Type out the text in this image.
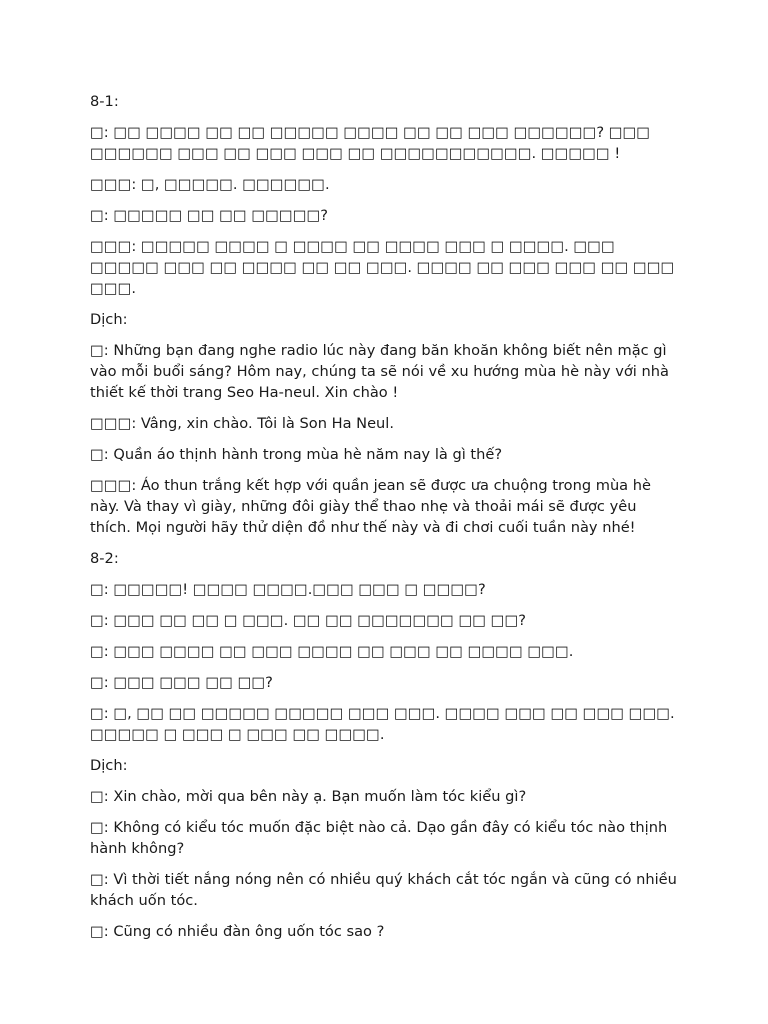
8-1:

□: □□ □□□□ □□ □□ □□□□□ □□□□ □□ □□ □□□ □□□□□□? □□□ □□□□□□ □□□ □□ □□□ □□□ □□ □□□□□□□□□□□. □□□□□ !

□□□: □, □□□□□. □□□□□□.

□: □□□□□ □□ □□ □□□□□?

□□□: □□□□□ □□□□ □ □□□□ □□ □□□□ □□□ □ □□□□. □□□ □□□□□ □□□ □□ □□□□ □□ □□ □□□. □□□□ □□ □□□ □□□ □□ □□□ □□□.

Dịch:

□: Những bạn đang nghe radio lúc này đang băn khoăn không biết nên mặc gì vào mỗi buổi sáng? Hôm nay, chúng ta sẽ nói về xu hướng mùa hè này với nhà thiết kế thời trang Seo Ha-neul. Xin chào !

□□□: Vâng, xin chào. Tôi là Son Ha Neul.

□: Quần áo thịnh hành trong mùa hè năm nay là gì thế?

□□□: Áo thun trắng kết hợp với quần jean sẽ được ưa chuộng trong mùa hè này. Và thay vì giày, những đôi giày thể thao nhẹ và thoải mái sẽ được yêu thích. Mọi người hãy thử diện đồ như thế này và đi chơi cuối tuần này nhé!

8-2:

□: □□□□□! □□□□ □□□□.□□□ □□□ □ □□□□?

□: □□□ □□ □□ □ □□□. □□ □□ □□□□□□□ □□ □□?

□: □□□ □□□□ □□ □□□ □□□□ □□ □□□ □□ □□□□ □□□.

□: □□□ □□□ □□ □□?

□: □, □□ □□ □□□□□ □□□□□ □□□ □□□. □□□□ □□□ □□ □□□ □□□. □□□□□ □ □□□ □ □□□ □□ □□□□.

Dịch:

□: Xin chào, mời qua bên này ạ. Bạn muốn làm tóc kiểu gì?

□: Không có kiểu tóc muốn đặc biệt nào cả. Dạo gần đây có kiểu tóc nào thịnh hành không?

□: Vì thời tiết nắng nóng nên có nhiều quý khách cắt tóc ngắn và cũng có nhiều khách uốn tóc.

□: Cũng có nhiều đàn ông uốn tóc sao ?
